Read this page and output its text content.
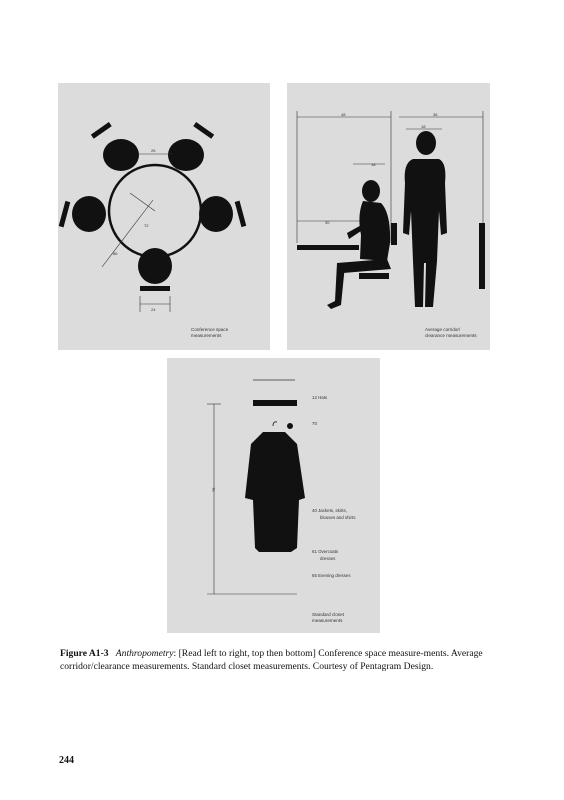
26
72
86
24
Conference space
measurements
48	36
18
18
30
Average corridor/
clearance measurements
76
12 Hats
70
40 Jackets, skirts,
blouses and shirts
61 Overcoats
dresses
65 Evening dresses
Standard closet
measurements
Figure A1-3 Anthropometry: [Read left to right, top then bottom] Conference space measure-ments. Average corridor/clearance measurements. Standard closet measurements. Courtesy of Pentagram Design.
244
